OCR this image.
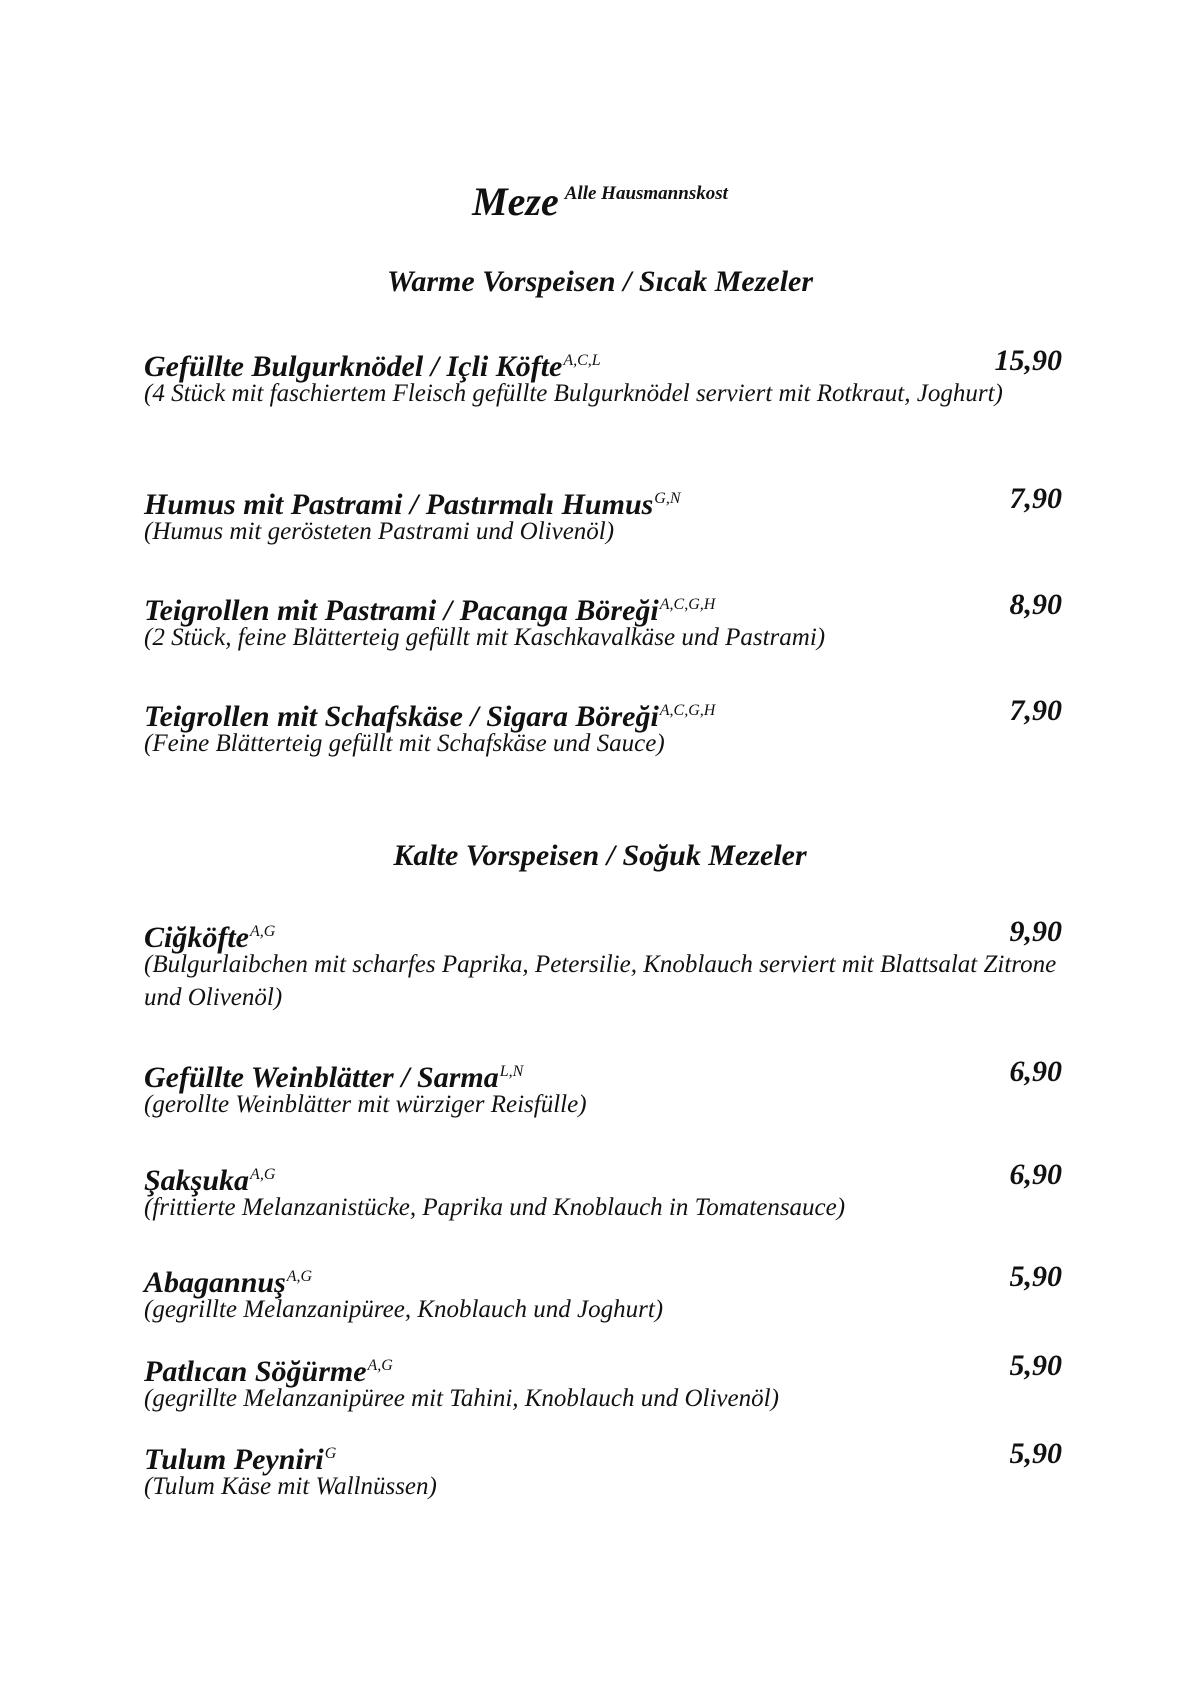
Meze $^{Alle Hausmannskost}$
Warme Vorspeisen / Sıcak Mezeler
Gefüllte Bulgurknödel / Içli Köfte$^{A,C,L}$	15,90
(4 Stück mit faschiertem Fleisch gefüllte Bulgurknödel serviert mit Rotkraut, Joghurt)
Humus mit Pastrami / Pastırmalı Humus$^{G,N}$	7,90
(Humus mit gerösteten Pastrami und Olivenöl)
Teigrollen mit Pastrami / Pacanga Böreği$^{A,C,G,H}$	8,90
(2 Stück, feine Blätterteig gefüllt mit Kaschkavalkäse und Pastrami)
Teigrollen mit Schafskäse / Sigara Böreği$^{A,C,G,H}$	7,90
(Feine Blätterteig gefüllt mit Schafskäse und Sauce)
Kalte Vorspeisen / Soğuk Mezeler
Ciğköfte$^{A,G}$	9,90
(Bulgurlaibchen mit scharfes Paprika, Petersilie, Knoblauch serviert mit Blattsalat Zitrone und Olivenöl)
Gefüllte Weinblätter / Sarma$^{L,N}$	6,90
(gerollte Weinblätter mit würziger Reisfülle)
Şakşuka$^{A,G}$	6,90
(frittierte Melanzanistücke, Paprika und Knoblauch in Tomatensauce)
Abagannuş$^{A,G}$	5,90
(gegrillte Melanzanipüree, Knoblauch und Joghurt)
Patlıcan Söğürme$^{A,G}$	5,90
(gegrillte Melanzanipüree mit Tahini, Knoblauch und Olivenöl)
Tulum Peyniri$^G$	5,90
(Tulum Käse mit Wallnüssen)
